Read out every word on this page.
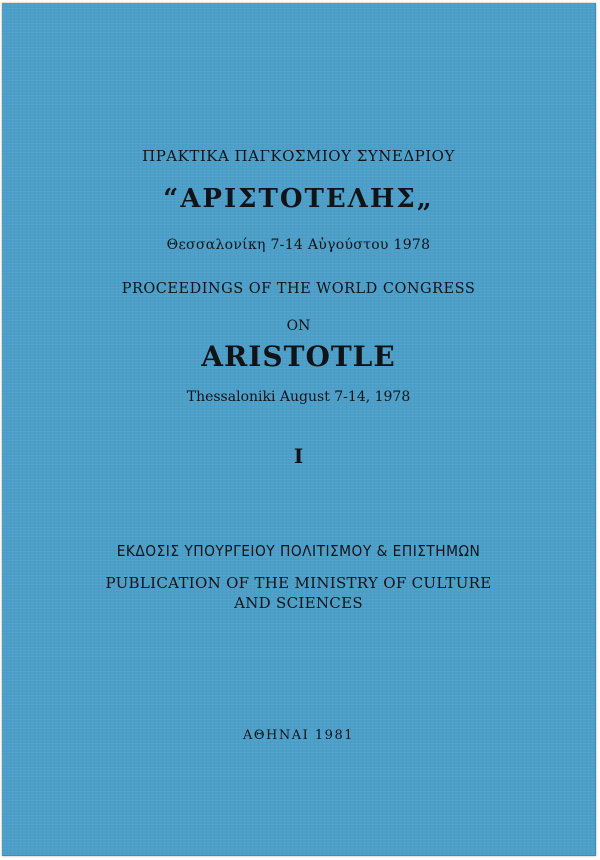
ΠΡΑΚΤΙΚΑ ΠΑΓΚΟΣΜΙΟΥ ΣΥΝΕΔΡΙΟΥ
“ΑΡΙΣΤΟΤΕΛΗΣ„
Θεσσαλονίκη 7-14 Αὐγούστου 1978
PROCEEDINGS OF THE WORLD CONGRESS
ON
ARISTOTLE
Thessaloniki August 7-14, 1978
I
ΕΚΔΟΣΙΣ ΥΠΟΥΡΓΕΙΟΥ ΠΟΛΙΤΙΣΜΟΥ & ΕΠΙΣΤΗΜΩΝ
PUBLICATION OF THE MINISTRY OF CULTURE
AND SCIENCES
ΑΘΗΝΑΙ 1981
